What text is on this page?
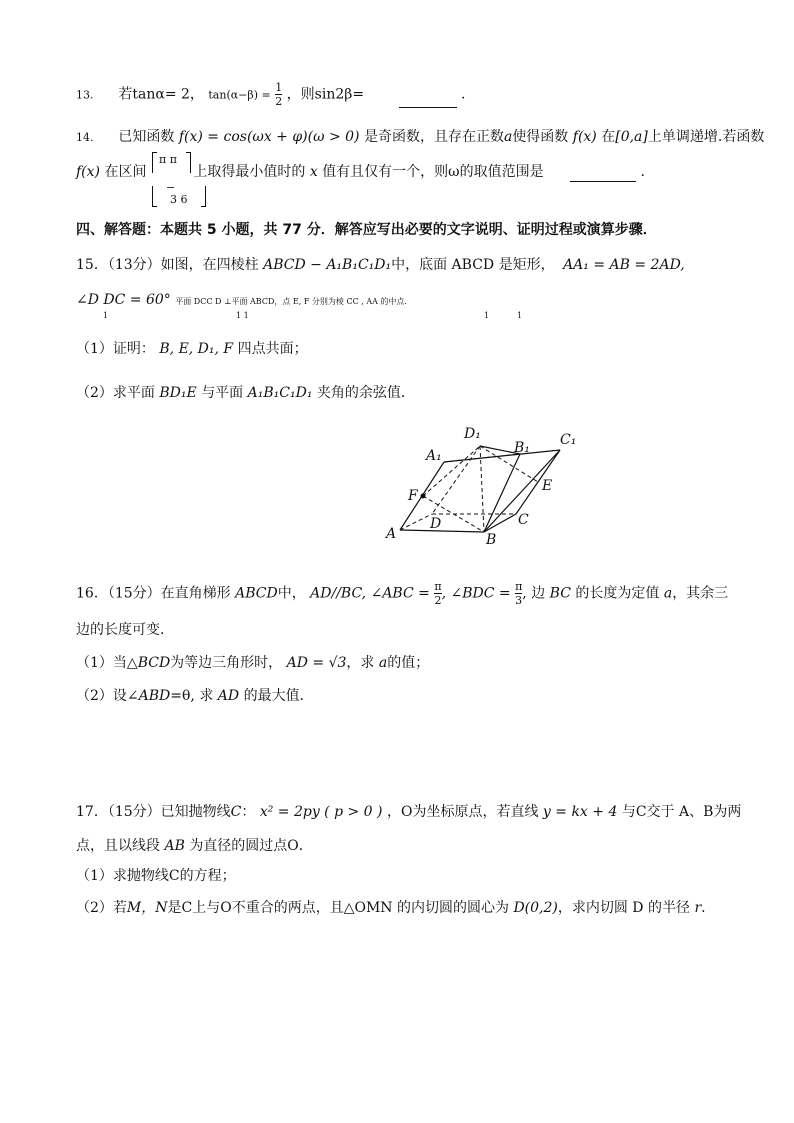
13. 若tanα= 2， $\tan(\alpha-\beta) = \frac{1}{2}$ ，则sin2β=	.
14. 已知函数 f(x) = cos(ωx + φ)(ω > 0) 是奇函数，且存在正数a使得函数 f(x) 在[0,a]上单调递增.若函数
f(x) 在区间	上取得最小值时的 x 值有且仅有一个，则ω的取值范围是	.
π π
−
3 6
四、解答题：本题共 5 小题，共 77 分．解答应写出必要的文字说明、证明过程或演算步骤．
15．（13分）如图，在四棱柱 ABCD − A₁B₁C₁D₁中，底面 ABCD 是矩形， AA₁ = AB = 2AD,
∠D DC = 60° 平面 DCC D ⊥平面 ABCD，点 E, F 分别为棱 CC , AA 的中点.
1	1 1	1	1
（1）证明： B, E, D₁, F 四点共面；
（2）求平面 BD₁E 与平面 A₁B₁C₁D₁ 夹角的余弦值．
A₁
D₁
B₁ C₁
E
F
D	C
A	B
16．（15分）在直角梯形 ABCD中， AD//BC, ∠ABC = $\frac{\pi}{2}$ , ∠BDC = $\frac{\pi}{3}$ , 边 BC 的长度为定值 a，其余三
边的长度可变．
（1）当△BCD为等边三角形时， AD = √3，求 a的值；
（2）设∠ABD=θ, 求 AD 的最大值．
17．（15分）已知抛物线C： x² = 2py ( p > 0 ) ，O为坐标原点，若直线 y = kx + 4 与C交于 A、B为两
点，且以线段 AB 为直径的圆过点O．
（1）求抛物线C的方程；
（2）若M，N是C上与O不重合的两点，且△OMN 的内切圆的圆心为 D(0,2)，求内切圆 D 的半径 r．
